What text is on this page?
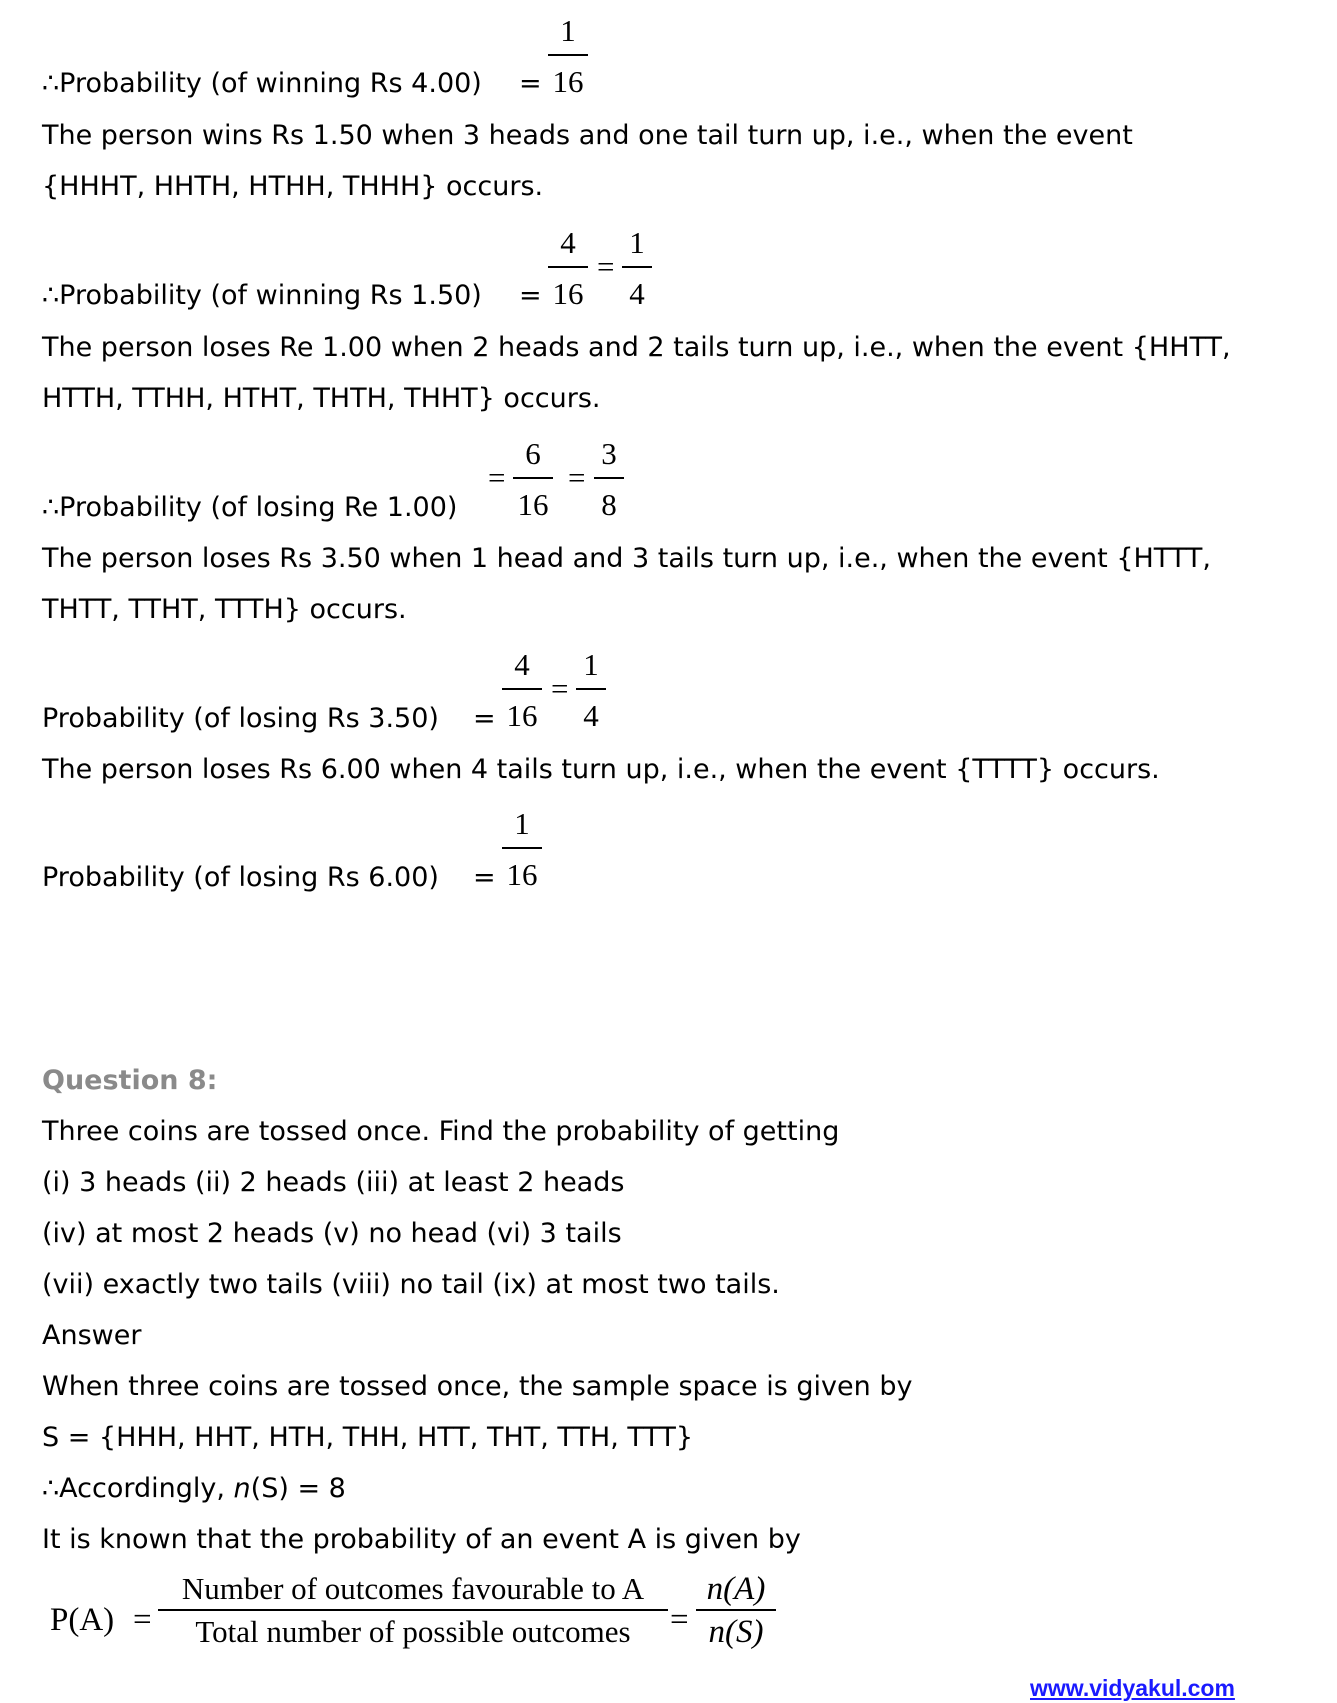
1
16
∴Probability (of winning Rs 4.00) =
The person wins Rs 1.50 when 3 heads and one tail turn up, i.e., when the event
{HHHT, HHTH, HTHH, THHH} occurs.
4
16
=
1
4
∴Probability (of winning Rs 1.50) =
The person loses Re 1.00 when 2 heads and 2 tails turn up, i.e., when the event {HHTT,
HTTH, TTHH, HTHT, THTH, THHT} occurs.
=
6
16
=
3
8
∴Probability (of losing Re 1.00)
The person loses Rs 3.50 when 1 head and 3 tails turn up, i.e., when the event {HTTT,
THTT, TTHT, TTTH} occurs.
4
16
=
1
4
Probability (of losing Rs 3.50) =
The person loses Rs 6.00 when 4 tails turn up, i.e., when the event {TTTT} occurs.
1
16
Probability (of losing Rs 6.00) =
Question 8:
Three coins are tossed once. Find the probability of getting
(i) 3 heads (ii) 2 heads (iii) at least 2 heads
(iv) at most 2 heads (v) no head (vi) 3 tails
(vii) exactly two tails (viii) no tail (ix) at most two tails.
Answer
When three coins are tossed once, the sample space is given by
S = {HHH, HHT, HTH, THH, HTT, THT, TTH, TTT}
∴Accordingly, n(S) = 8
It is known that the probability of an event A is given by
P(A) =
Number of outcomes favourable to A
Total number of possible outcomes	=
n(A)
n(S)
www.vidyakul.com
